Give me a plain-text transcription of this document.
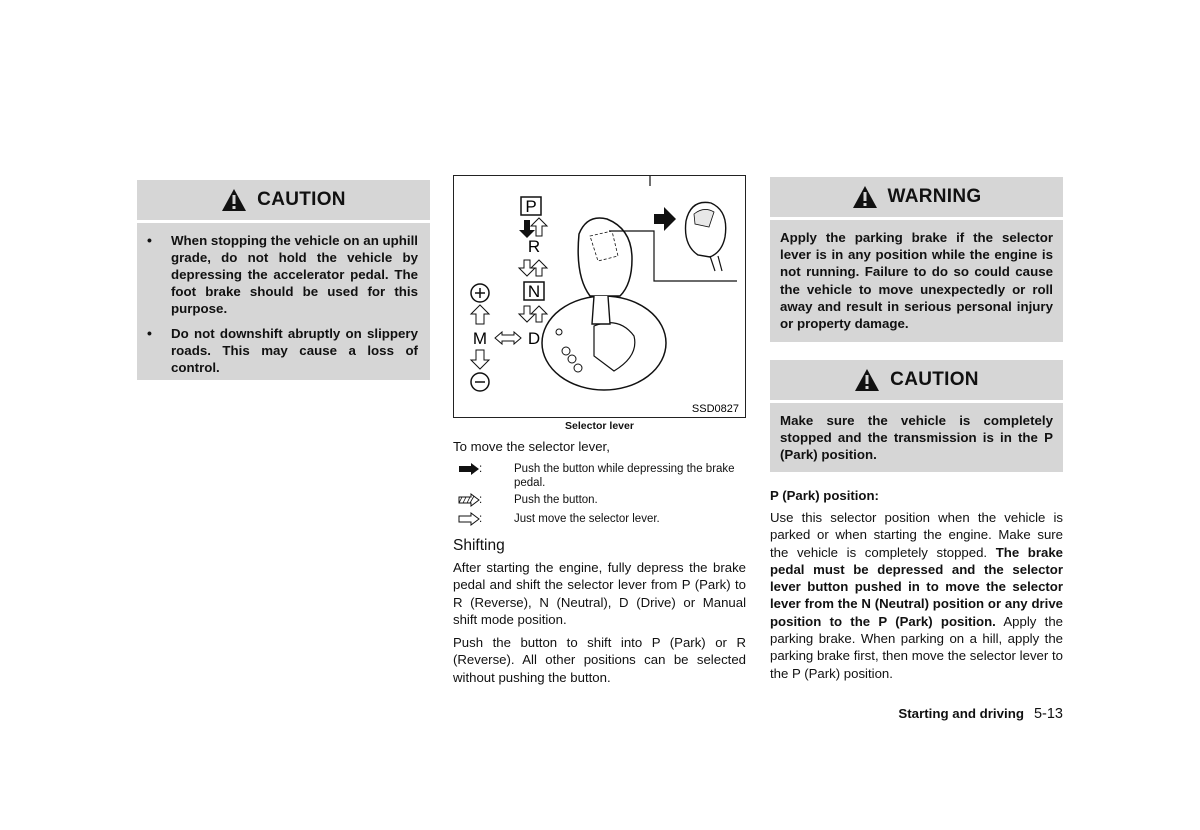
CAUTION
• When stopping the vehicle on an uphill grade, do not hold the vehicle by depressing the accelerator pedal. The foot brake should be used for this purpose.
• Do not downshift abruptly on slippery roads. This may cause a loss of control.
P
R
N
D
M
SSD0827
Selector lever
To move the selector lever,
:	Push the button while depressing the brake pedal.
:	Push the button.
:	Just move the selector lever.
Shifting

After starting the engine, fully depress the brake pedal and shift the selector lever from P (Park) to R (Reverse), N (Neutral), D (Drive) or Manual shift mode position.

Push the button to shift into P (Park) or R (Reverse). All other positions can be selected without pushing the button.

WARNING
Apply the parking brake if the selector lever is in any position while the engine is not running. Failure to do so could cause the vehicle to move unexpectedly or roll away and result in serious personal injury or property damage.
CAUTION
Make sure the vehicle is completely stopped and the transmission is in the P (Park) position.
P (Park) position:

Use this selector position when the vehicle is parked or when starting the engine. Make sure the vehicle is completely stopped. The brake pedal must be depressed and the selector lever button pushed in to move the selector lever from the N (Neutral) position or any drive position to the P (Park) position. Apply the parking brake. When parking on a hill, apply the parking brake first, then move the selector lever to the P (Park) position.

Starting and driving 5-13
